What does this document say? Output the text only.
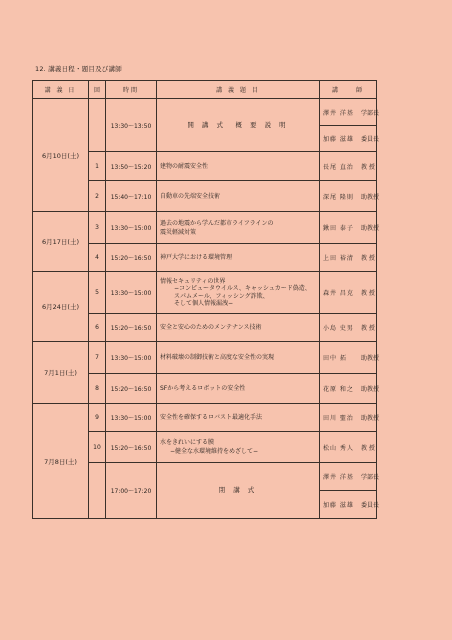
12. 講義日程・題目及び講師
講 義 日	回	時間	講 義 題 目	講　　師
6月10日(土)		13:30〜13:50	開 講 式　概 要 説 明	澤井 洋基 学部長
				加藤 滋雄 委員長
	1	13:50〜15:20	建物の耐震安全性	長尾 直治 教 授
	2	15:40〜17:10	自動車の先端安全技術	深尾 隆則 助教授
6月17日(土)	3	13:30〜15:00	過去の地震から学んだ都市ライフラインの
震災軽減対策	鍬田 泰子 助教授
	4	15:20〜16:50	神戸大学における環境管理	上田 裕清 教 授
6月24日(土)	5	13:30〜15:00	情報セキュリティの世界
−コンピュータウイルス、キャッシュカード偽造、
スパムメール、フィッシング詐欺、
そして個人情報漏洩−	森井 昌克 教 授
	6	15:20〜16:50	安全と安心のためのメンテナンス技術	小島 史男 教 授
7月1日(土)	7	13:30〜15:00	材料破壊の制御技術と高度な安全性の実現	田中 拓 助教授
	8	15:20〜16:50	SFから考えるロボットの安全性	花原 和之 助教授
7月8日(土)	9	13:30〜15:00	安全性を確保するロバスト最適化手法	田川 聖治 助教授
	10	15:20〜16:50	水をきれいにする膜
−健全な水環境維持をめざして−	松山 秀人 教 授
		17:00〜17:20	閉 講 式	澤井 洋基 学部長
				加藤 滋雄 委員長
